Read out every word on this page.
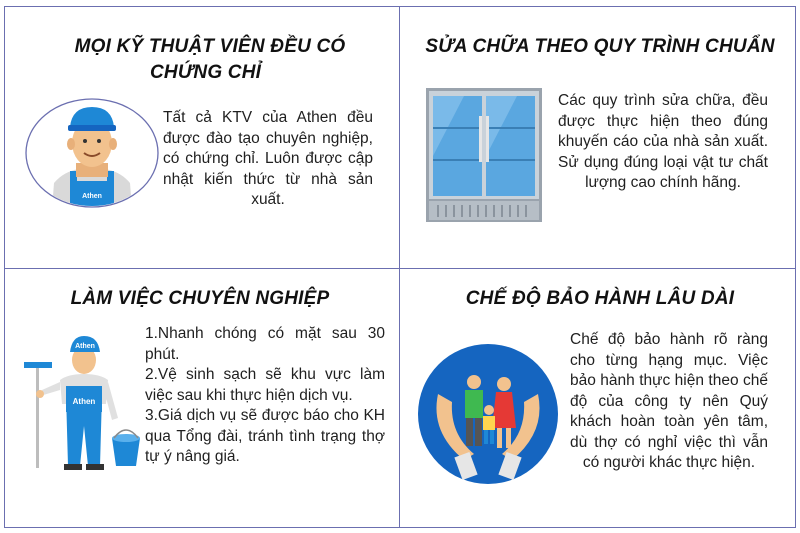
MỌI KỸ THUẬT VIÊN ĐỀU CÓ
CHỨNG CHỈ
Athen
Tất cả KTV của Athen đều được đào tạo chuyên nghiệp, có chứng chỉ. Luôn được cập nhật kiến thức từ nhà sản xuất.
SỬA CHỮA THEO QUY TRÌNH CHUẨN
Các quy trình sửa chữa, đều được thực hiện theo đúng khuyến cáo của nhà sản xuất. Sử dụng đúng loại vật tư chất lượng cao chính hãng.
LÀM VIỆC CHUYÊN NGHIỆP
Athen
Athen
1.Nhanh chóng có mặt sau 30 phút.
2.Vệ sinh sạch sẽ khu vực làm việc sau khi thực hiện dịch vụ.
3.Giá dịch vụ sẽ được báo cho KH qua Tổng đài, tránh tình trạng thợ tự ý nâng giá.
CHẾ ĐỘ BẢO HÀNH LÂU DÀI
Chế độ bảo hành rõ ràng cho từng hạng mục. Việc bảo hành thực hiện theo chế độ của công ty nên Quý khách hoàn toàn yên tâm, dù thợ có nghỉ việc thì vẫn có người khác thực hiện.
